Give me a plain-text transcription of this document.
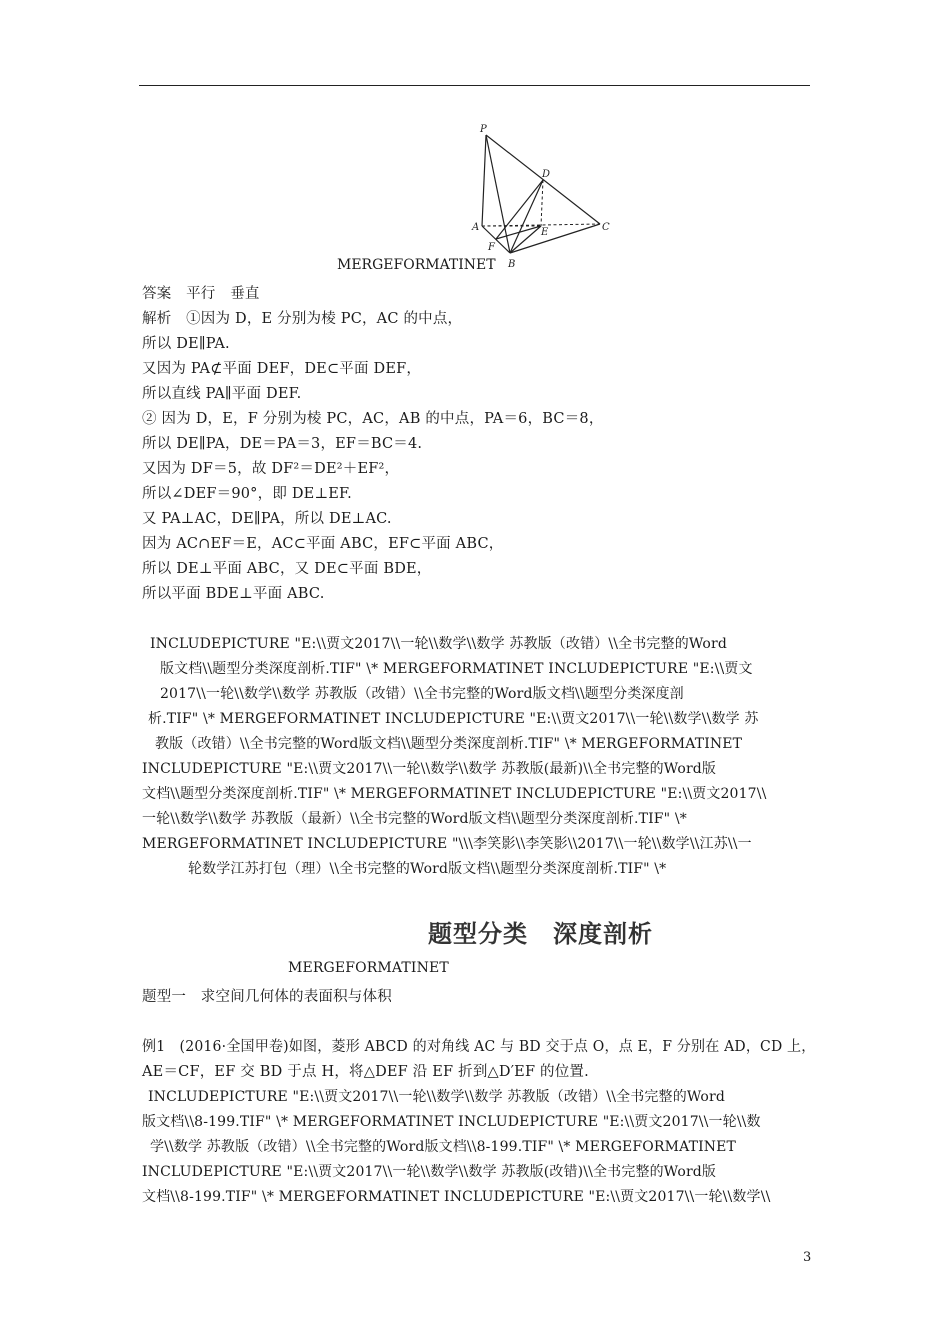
P
D
A	C
E
F
B
MERGEFORMATINET
答案　平行　垂直
解析　①因为 D，E 分别为棱 PC，AC 的中点，
所以 DE∥PA.
又因为 PA⊄平面 DEF，DE⊂平面 DEF，
所以直线 PA∥平面 DEF.
② 因为 D，E，F 分别为棱 PC，AC，AB 的中点，PA＝6，BC＝8，
所以 DE∥PA，DE＝PA＝3，EF＝BC＝4.
又因为 DF＝5，故 DF²＝DE²＋EF²，
所以∠DEF＝90°，即 DE⊥EF.
又 PA⊥AC，DE∥PA，所以 DE⊥AC.
因为 AC∩EF＝E，AC⊂平面 ABC，EF⊂平面 ABC，
所以 DE⊥平面 ABC，又 DE⊂平面 BDE，
所以平面 BDE⊥平面 ABC.
INCLUDEPICTURE "E:\\贾文2017\\一轮\\数学\\数学 苏教版（改错）\\全书完整的Word
版文档\\题型分类深度剖析.TIF" \* MERGEFORMATINET INCLUDEPICTURE "E:\\贾文
2017\\一轮\\数学\\数学 苏教版（改错）\\全书完整的Word版文档\\题型分类深度剖
析.TIF" \* MERGEFORMATINET INCLUDEPICTURE "E:\\贾文2017\\一轮\\数学\\数学 苏
教版（改错）\\全书完整的Word版文档\\题型分类深度剖析.TIF" \* MERGEFORMATINET
INCLUDEPICTURE "E:\\贾文2017\\一轮\\数学\\数学 苏教版(最新)\\全书完整的Word版
文档\\题型分类深度剖析.TIF" \* MERGEFORMATINET INCLUDEPICTURE "E:\\贾文2017\\
一轮\\数学\\数学 苏教版（最新）\\全书完整的Word版文档\\题型分类深度剖析.TIF" \*
MERGEFORMATINET INCLUDEPICTURE "\\\李笑影\\李笑影\\2017\\一轮\\数学\\江苏\\一
轮数学江苏打包（理）\\全书完整的Word版文档\\题型分类深度剖析.TIF" \*
题型分类　深度剖析
MERGEFORMATINET
题型一　求空间几何体的表面积与体积
例1　(2016·全国甲卷)如图，菱形 ABCD 的对角线 AC 与 BD 交于点 O，点 E，F 分别在 AD，CD 上，
AE＝CF，EF 交 BD 于点 H，将△DEF 沿 EF 折到△D′EF 的位置.
INCLUDEPICTURE "E:\\贾文2017\\一轮\\数学\\数学 苏教版（改错）\\全书完整的Word
版文档\\8-199.TIF" \* MERGEFORMATINET INCLUDEPICTURE "E:\\贾文2017\\一轮\\数
学\\数学 苏教版（改错）\\全书完整的Word版文档\\8-199.TIF" \* MERGEFORMATINET
INCLUDEPICTURE "E:\\贾文2017\\一轮\\数学\\数学 苏教版(改错)\\全书完整的Word版
文档\\8-199.TIF" \* MERGEFORMATINET INCLUDEPICTURE "E:\\贾文2017\\一轮\\数学\\
3
